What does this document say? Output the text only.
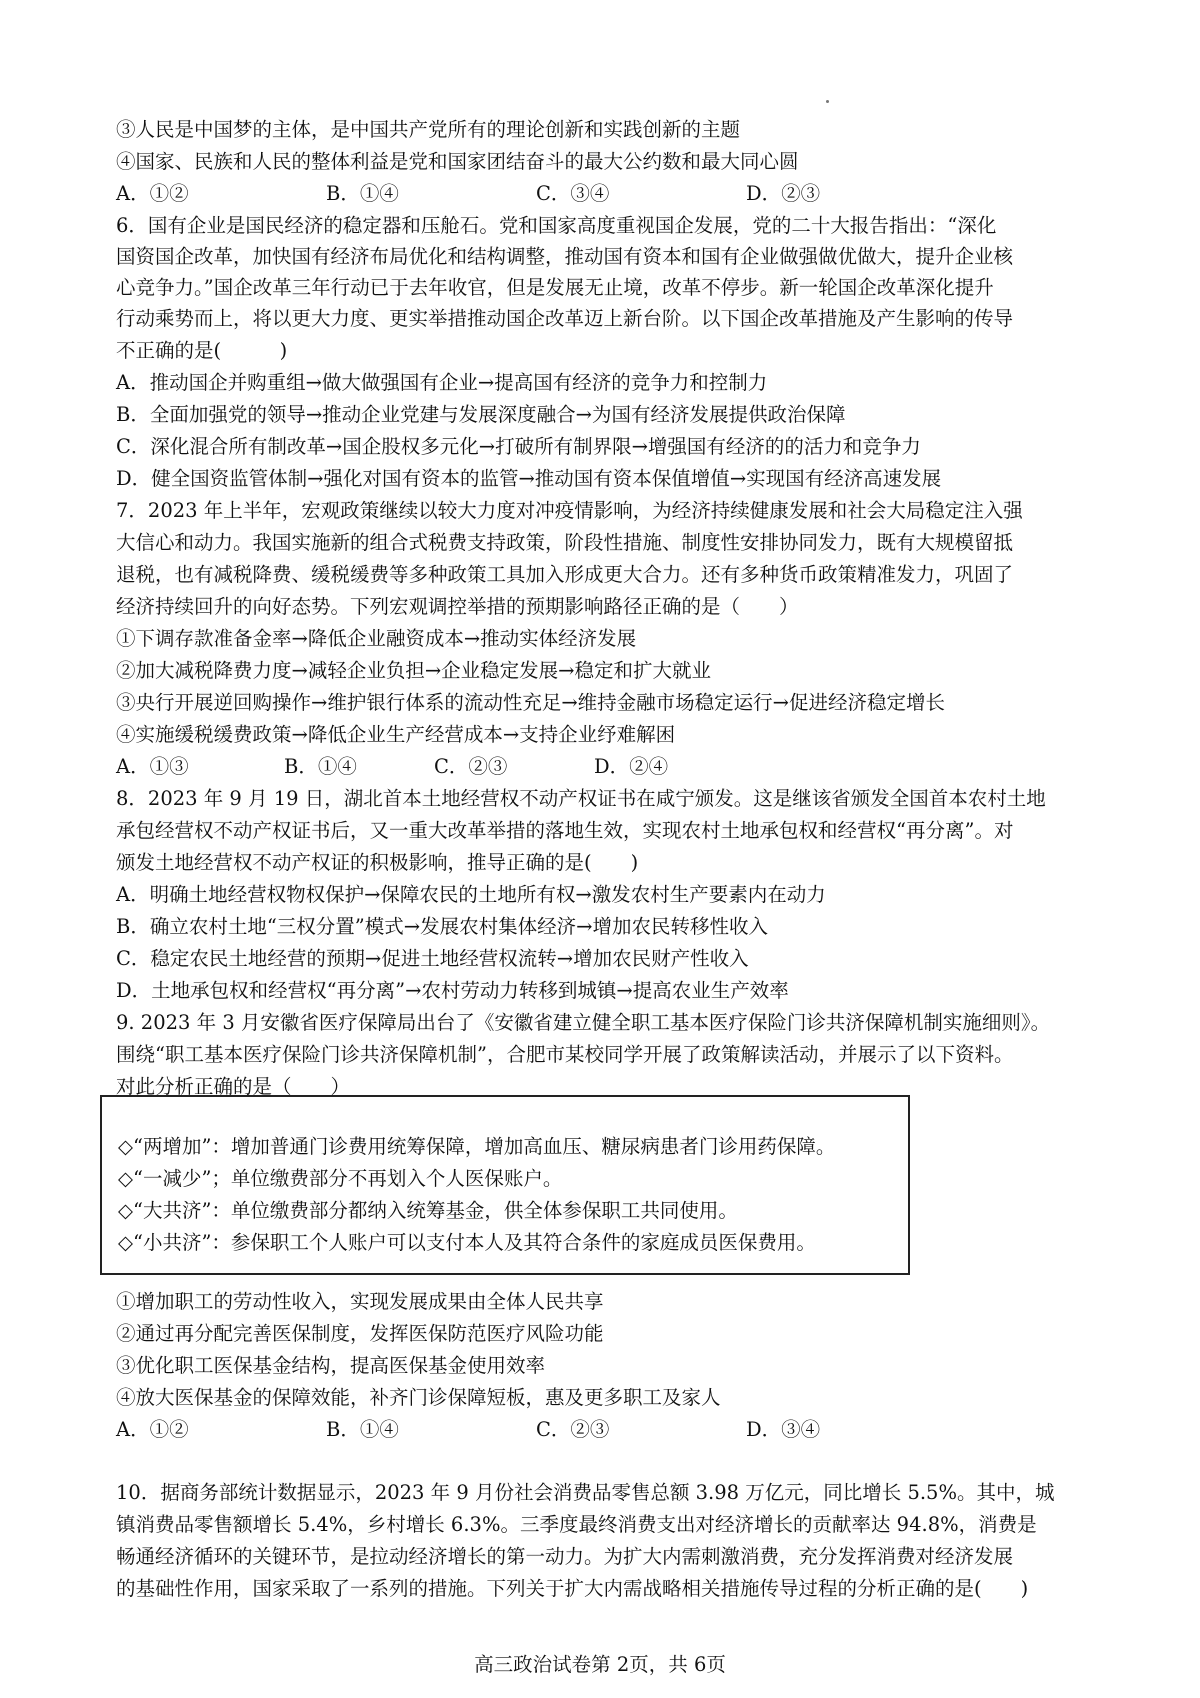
③人民是中国梦的主体，是中国共产党所有的理论创新和实践创新的主题
④国家、民族和人民的整体利益是党和国家团结奋斗的最大公约数和最大同心圆
A．①②	B．①④	C．③④	D．②③
6．国有企业是国民经济的稳定器和压舱石。党和国家高度重视国企发展，党的二十大报告指出：“深化
国资国企改革，加快国有经济布局优化和结构调整，推动国有资本和国有企业做强做优做大，提升企业核
心竞争力。”国企改革三年行动已于去年收官，但是发展无止境，改革不停步。新一轮国企改革深化提升
行动乘势而上，将以更大力度、更实举措推动国企改革迈上新台阶。以下国企改革措施及产生影响的传导
不正确的是(　　　)
A．推动国企并购重组→做大做强国有企业→提高国有经济的竞争力和控制力
B．全面加强党的领导→推动企业党建与发展深度融合→为国有经济发展提供政治保障
C．深化混合所有制改革→国企股权多元化→打破所有制界限→增强国有经济的的活力和竞争力
D．健全国资监管体制→强化对国有资本的监管→推动国有资本保值增值→实现国有经济高速发展
7．2023 年上半年，宏观政策继续以较大力度对冲疫情影响，为经济持续健康发展和社会大局稳定注入强
大信心和动力。我国实施新的组合式税费支持政策，阶段性措施、制度性安排协同发力，既有大规模留抵
退税，也有减税降费、缓税缓费等多种政策工具加入形成更大合力。还有多种货币政策精准发力，巩固了
经济持续回升的向好态势。下列宏观调控举措的预期影响路径正确的是（　　）
①下调存款准备金率→降低企业融资成本→推动实体经济发展
②加大减税降费力度→减轻企业负担→企业稳定发展→稳定和扩大就业
③央行开展逆回购操作→维护银行体系的流动性充足→维持金融市场稳定运行→促进经济稳定增长
④实施缓税缓费政策→降低企业生产经营成本→支持企业纾难解困
A．①③	B．①④	C．②③	D．②④
8．2023 年 9 月 19 日，湖北首本土地经营权不动产权证书在咸宁颁发。这是继该省颁发全国首本农村土地
承包经营权不动产权证书后，又一重大改革举措的落地生效，实现农村土地承包权和经营权“再分离”。对
颁发土地经营权不动产权证的积极影响，推导正确的是(　　)
A．明确土地经营权物权保护→保障农民的土地所有权→激发农村生产要素内在动力
B．确立农村土地“三权分置”模式→发展农村集体经济→增加农民转移性收入
C．稳定农民土地经营的预期→促进土地经营权流转→增加农民财产性收入
D．土地承包权和经营权“再分离”→农村劳动力转移到城镇→提高农业生产效率
9. 2023 年 3 月安徽省医疗保障局出台了《安徽省建立健全职工基本医疗保险门诊共济保障机制实施细则》。
围绕“职工基本医疗保险门诊共济保障机制”，合肥市某校同学开展了政策解读活动，并展示了以下资料。
对此分析正确的是（　　）
◇“两增加”：增加普通门诊费用统筹保障，增加高血压、糖尿病患者门诊用药保障。
◇“一减少”；单位缴费部分不再划入个人医保账户。
◇“大共济”：单位缴费部分都纳入统筹基金，供全体参保职工共同使用。
◇“小共济”：参保职工个人账户可以支付本人及其符合条件的家庭成员医保费用。
①增加职工的劳动性收入，实现发展成果由全体人民共享
②通过再分配完善医保制度，发挥医保防范医疗风险功能
③优化职工医保基金结构，提高医保基金使用效率
④放大医保基金的保障效能，补齐门诊保障短板，惠及更多职工及家人
A．①②	B．①④	C．②③	D．③④
10．据商务部统计数据显示，2023 年 9 月份社会消费品零售总额 3.98 万亿元，同比增长 5.5%。其中，城
镇消费品零售额增长 5.4%，乡村增长 6.3%。三季度最终消费支出对经济增长的贡献率达 94.8%，消费是
畅通经济循环的关键环节，是拉动经济增长的第一动力。为扩大内需刺激消费，充分发挥消费对经济发展
的基础性作用，国家采取了一系列的措施。下列关于扩大内需战略相关措施传导过程的分析正确的是(　　)
高三政治试卷第 2页，共 6页
